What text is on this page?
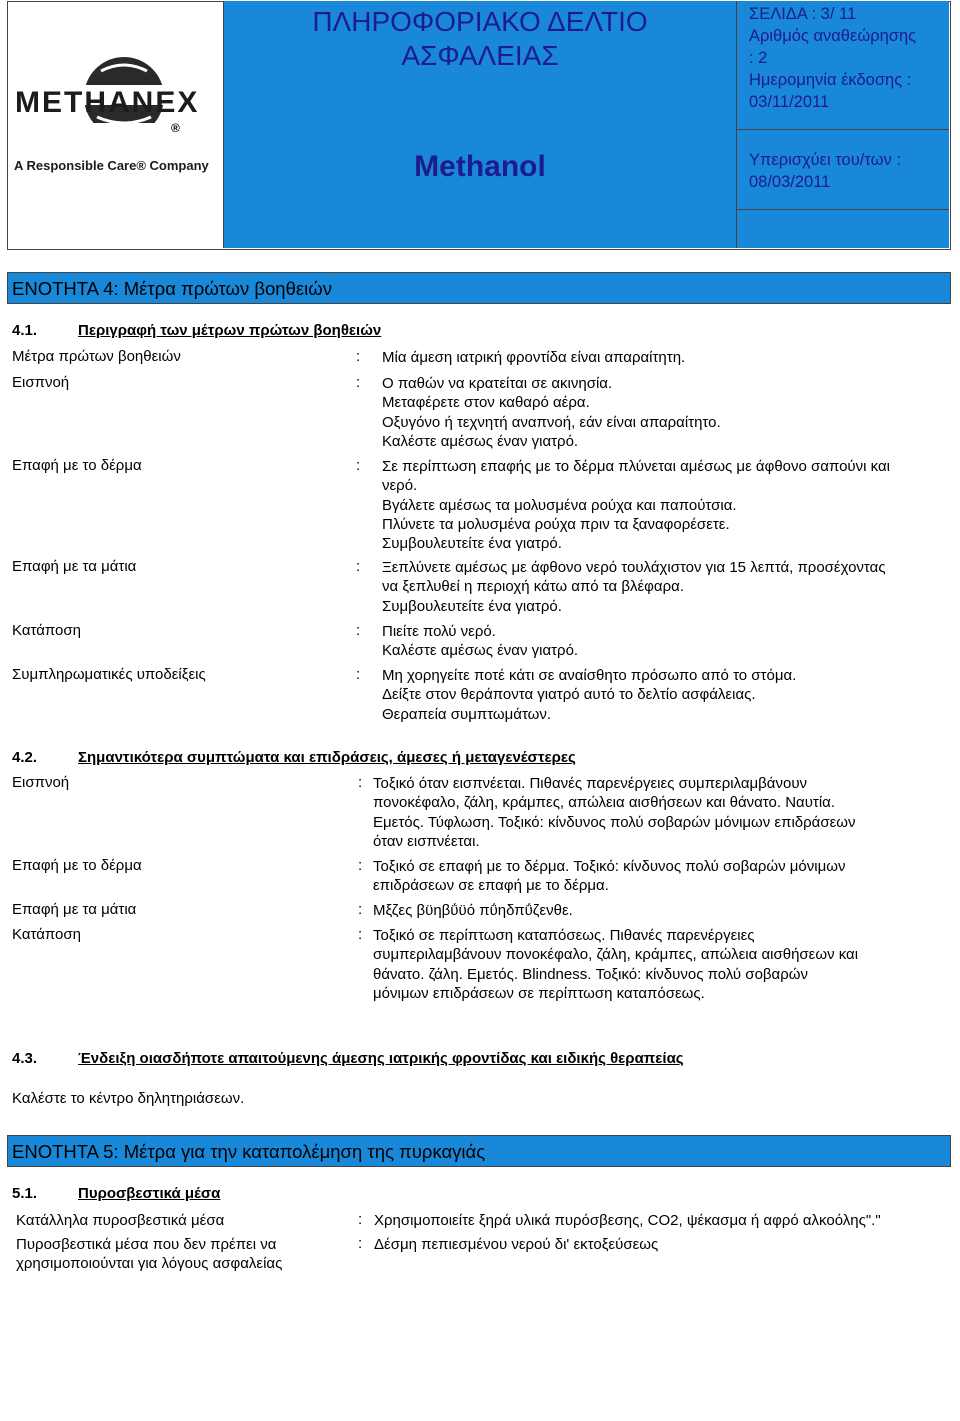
METHANEX
®
A Responsible Care® Company
ΠΛΗΡΟΦΟΡΙΑΚΟ ΔΕΛΤΙΟ
ΑΣΦΑΛΕΙΑΣ
Methanol
ΣΕΛΙΔΑ : 3/ 11
Αριθμός αναθεώρησης
: 2
Ημερομηνία έκδοσης :
03/11/2011
Υπερισχύει του/των :
08/03/2011
ΕΝΟΤΗΤΑ 4: Μέτρα πρώτων βοηθειών
4.1.	Περιγραφή των μέτρων πρώτων βοηθειών
Μέτρα πρώτων βοηθειών	: Μία άμεση ιατρική φροντίδα είναι απαραίτητη.
Εισπνοή	: Ο παθών να κρατείται σε ακινησία.
Μεταφέρετε στον καθαρό αέρα.
Οξυγόνο ή τεχνητή αναπνοή, εάν είναι απαραίτητο.
Καλέστε αμέσως έναν γιατρό.
Επαφή με το δέρμα	: Σε περίπτωση επαφής με το δέρμα πλύνεται αμέσως με άφθονο σαπούνι και
νερό.
Βγάλετε αμέσως τα μολυσμένα ρούχα και παπούτσια.
Πλύνετε τα μολυσμένα ρούχα πριν τα ξαναφορέσετε.
Συμβουλευτείτε ένα γιατρό.
Επαφή με τα μάτια	: Ξεπλύνετε αμέσως με άφθονο νερό τουλάχιστον για 15 λεπτά, προσέχοντας
να ξεπλυθεί η περιοχή κάτω από τα βλέφαρα.
Συμβουλευτείτε ένα γιατρό.
Κατάποση	: Πιείτε πολύ νερό.
Καλέστε αμέσως έναν γιατρό.
Συμπληρωματικές υποδείξεις	: Μη χορηγείτε ποτέ κάτι σε αναίσθητο πρόσωπο από το στόμα.
Δείξτε στον θεράποντα γιατρό αυτό το δελτίο ασφάλειας.
Θεραπεία συμπτωμάτων.
4.2.	Σημαντικότερα συμπτώματα και επιδράσεις, άμεσες ή μεταγενέστερες
Εισπνοή	: Τοξικό όταν εισπνέεται. Πιθανές παρενέργειες συμπεριλαμβάνουν
πονοκέφαλο, ζάλη, κράμπες, απώλεια αισθήσεων και θάνατο. Ναυτία.
Εμετός. Τύφλωση. Τοξικό: κίνδυνος πολύ σοβαρών μόνιμων επιδράσεων
όταν εισπνέεται.
Επαφή με το δέρμα	: Τοξικό σε επαφή με το δέρμα. Τοξικό: κίνδυνος πολύ σοβαρών μόνιμων
επιδράσεων σε επαφή με το δέρμα.
Επαφή με τα μάτια	: Μξζες βϋηβΰϋό πΰηδπΰζενθε.
Κατάποση	: Τοξικό σε περίπτωση καταπόσεως. Πιθανές παρενέργειες
συμπεριλαμβάνουν πονοκέφαλο, ζάλη, κράμπες, απώλεια αισθήσεων και
θάνατο. ζάλη. Εμετός. Blindness. Τοξικό: κίνδυνος πολύ σοβαρών
μόνιμων επιδράσεων σε περίπτωση καταπόσεως.
4.3.	Ένδειξη οιασδήποτε απαιτούμενης άμεσης ιατρικής φροντίδας και ειδικής θεραπείας
Καλέστε το κέντρο δηλητηριάσεων.
ΕΝΟΤΗΤΑ 5: Μέτρα για την καταπολέμηση της πυρκαγιάς
5.1.	Πυροσβεστικά μέσα
Κατάλληλα πυροσβεστικά μέσα	: Χρησιμοποιείτε ξηρά υλικά πυρόσβεσης, CO2, ψέκασμα ή αφρό αλκοόλης"."
Πυροσβεστικά μέσα που δεν πρέπει να
χρησιμοποιούνται για λόγους ασφαλείας
: Δέσμη πεπιεσμένου νερού δι' εκτοξεύσεως
